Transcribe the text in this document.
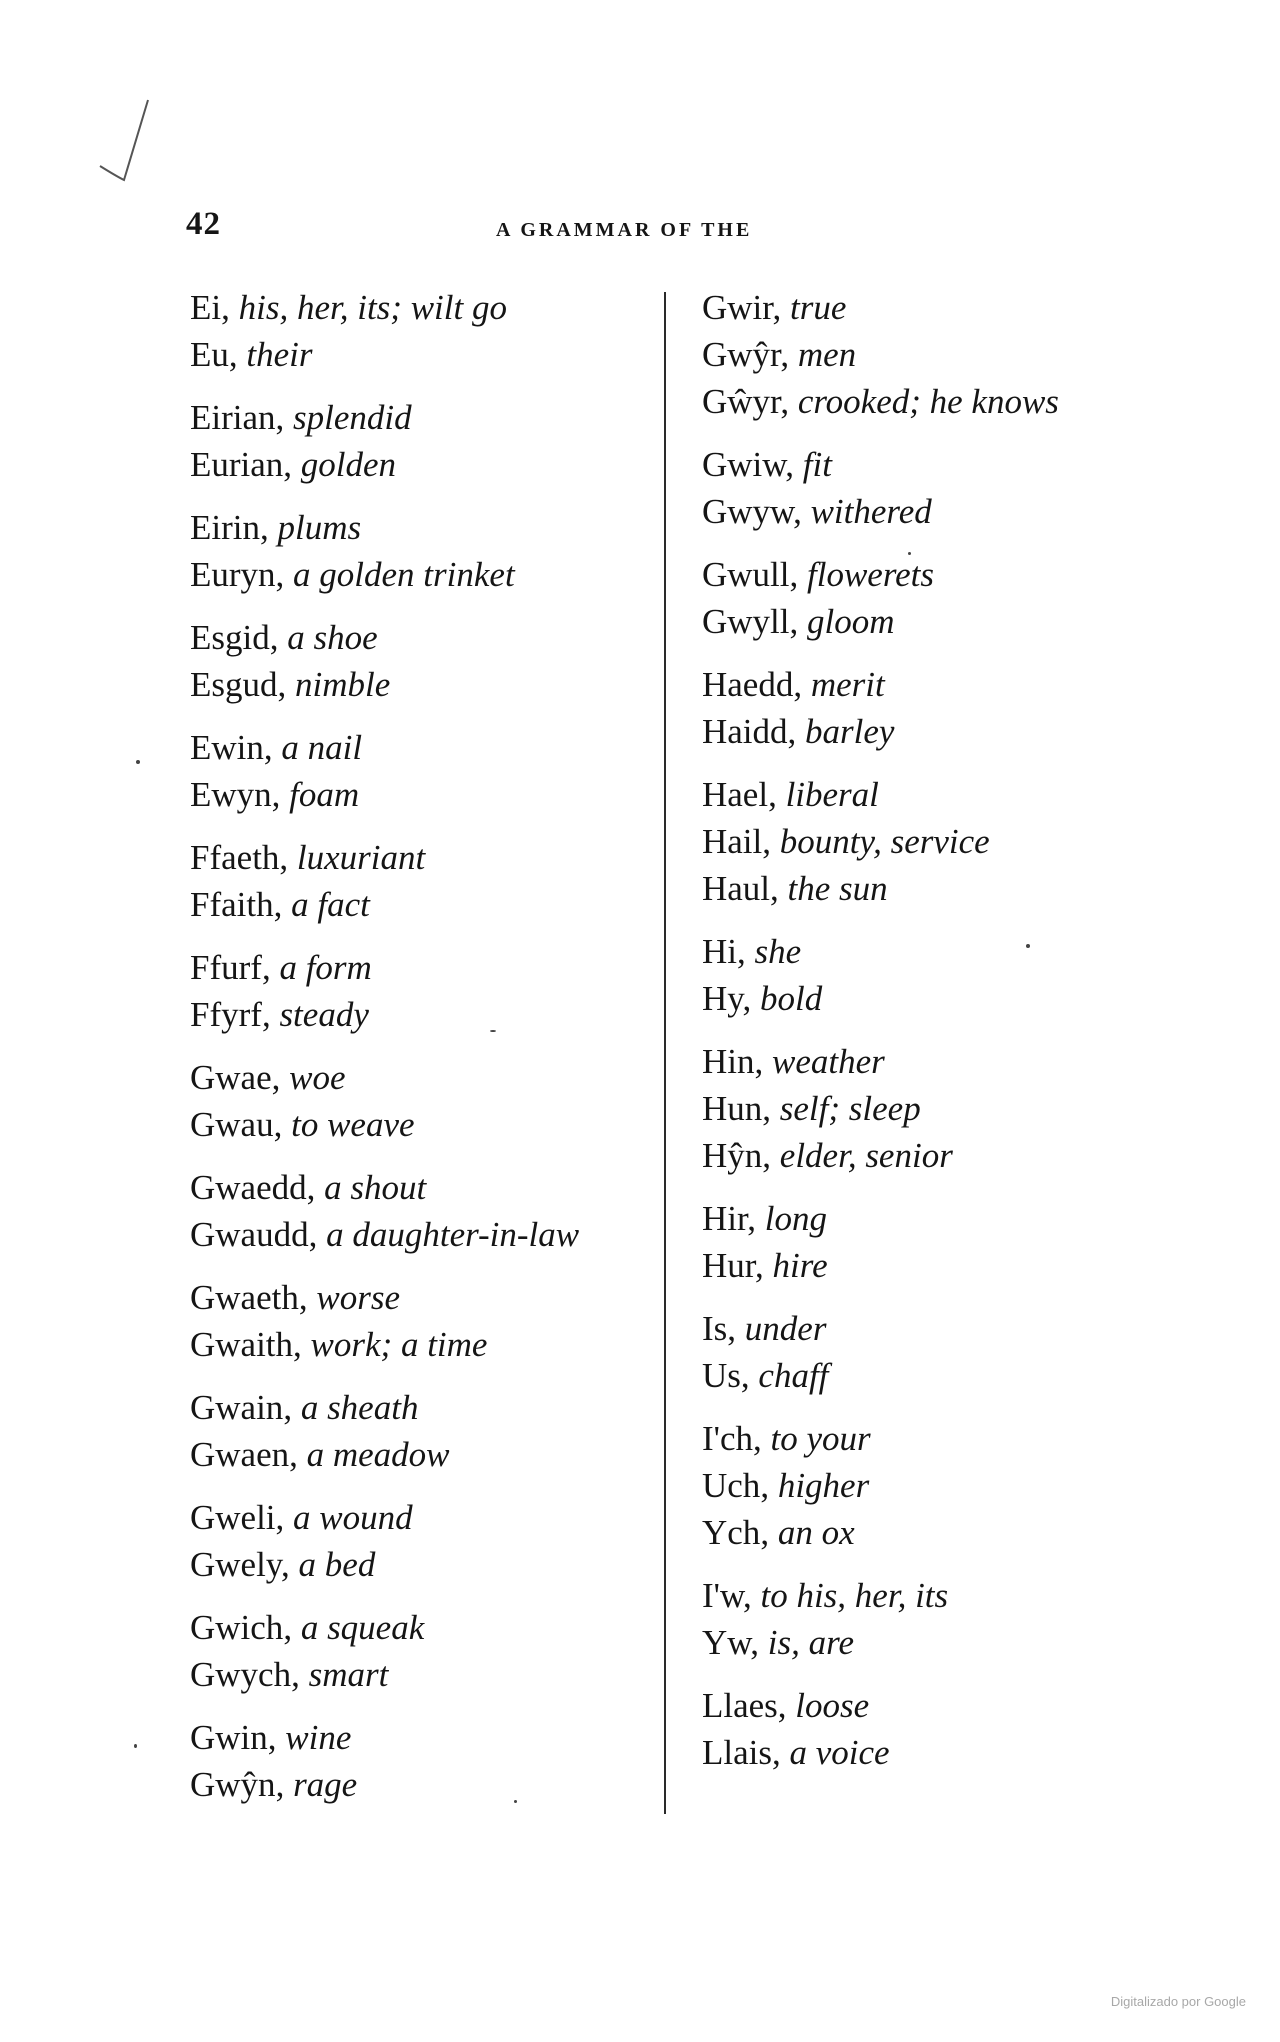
42	A GRAMMAR OF THE
Ei, his, her, its; wilt go
Eu, their
Eirian, splendid
Eurian, golden
Eirin, plums
Euryn, a golden trinket
Esgid, a shoe
Esgud, nimble
Ewin, a nail
Ewyn, foam
Ffaeth, luxuriant
Ffaith, a fact
Ffurf, a form
Ffyrf, steady
Gwae, woe
Gwau, to weave
Gwaedd, a shout
Gwaudd, a daughter-in-law
Gwaeth, worse
Gwaith, work; a time
Gwain, a sheath
Gwaen, a meadow
Gweli, a wound
Gwely, a bed
Gwich, a squeak
Gwych, smart
Gwin, wine
Gwŷn, rage
Gwir, true
Gwŷr, men
Gŵyr, crooked; he knows
Gwiw, fit
Gwyw, withered
Gwull, flowerets
Gwyll, gloom
Haedd, merit
Haidd, barley
Hael, liberal
Hail, bounty, service
Haul, the sun
Hi, she
Hy, bold
Hin, weather
Hun, self; sleep
Hŷn, elder, senior
Hir, long
Hur, hire
Is, under
Us, chaff
I'ch, to your
Uch, higher
Ych, an ox
I'w, to his, her, its
Yw, is, are
Llaes, loose
Llais, a voice
Digitalizado por Google
